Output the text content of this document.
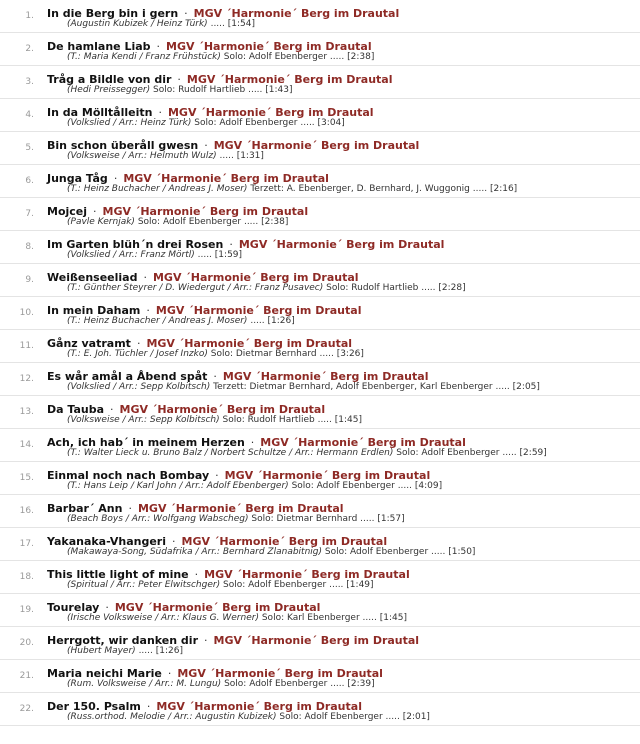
1. In die Berg bin i gern · MGV ´Harmonie´ Berg im Drautal
(Augustin Kubizek / Heinz Türk) ..... [1:54]
2. De hamlane Liab · MGV ´Harmonie´ Berg im Drautal
(T.: Maria Kendi / Franz Frühstück) Solo: Adolf Ebenberger ..... [2:38]
3. Tråg a Bildle von dir · MGV ´Harmonie´ Berg im Drautal
(Hedi Preissegger) Solo: Rudolf Hartlieb ..... [1:43]
4. In da Mölltålleitn · MGV ´Harmonie´ Berg im Drautal
(Volkslied / Arr.: Heinz Türk) Solo: Adolf Ebenberger ..... [3:04]
5. Bin schon überåll gwesn · MGV ´Harmonie´ Berg im Drautal
(Volksweise / Arr.: Helmuth Wulz) ..... [1:31]
6. Junga Tåg · MGV ´Harmonie´ Berg im Drautal
(T.: Heinz Buchacher / Andreas J. Moser) Terzett: A. Ebenberger, D. Bernhard, J. Wuggonig ..... [2:16]
7. Mojcej · MGV ´Harmonie´ Berg im Drautal
(Pavle Kernjak) Solo: Adolf Ebenberger ..... [2:38]
8. Im Garten blüh´n drei Rosen · MGV ´Harmonie´ Berg im Drautal
(Volkslied / Arr.: Franz Mörtl) ..... [1:59]
9. Weißenseeliad · MGV ´Harmonie´ Berg im Drautal
(T.: Günther Steyrer / D. Wiedergut / Arr.: Franz Pusavec) Solo: Rudolf Hartlieb ..... [2:28]
10. In mein Daham · MGV ´Harmonie´ Berg im Drautal
(T.: Heinz Buchacher / Andreas J. Moser) ..... [1:26]
11. Gånz vatramt · MGV ´Harmonie´ Berg im Drautal
(T.: E. Joh. Tüchler / Josef Inzko) Solo: Dietmar Bernhard ..... [3:26]
12. Es wår amål a Åbend spåt · MGV ´Harmonie´ Berg im Drautal
(Volkslied / Arr.: Sepp Kolbitsch) Terzett: Dietmar Bernhard, Adolf Ebenberger, Karl Ebenberger ..... [2:05]
13. Da Tauba · MGV ´Harmonie´ Berg im Drautal
(Volksweise / Arr.: Sepp Kolbitsch) Solo: Rudolf Hartlieb ..... [1:45]
14. Ach, ich hab´ in meinem Herzen · MGV ´Harmonie´ Berg im Drautal
(T.: Walter Lieck u. Bruno Balz / Norbert Schultze / Arr.: Hermann Erdlen) Solo: Adolf Ebenberger ..... [2:59]
15. Einmal noch nach Bombay · MGV ´Harmonie´ Berg im Drautal
(T.: Hans Leip / Karl John / Arr.: Adolf Ebenberger) Solo: Adolf Ebenberger ..... [4:09]
16. Barbar´ Ann · MGV ´Harmonie´ Berg im Drautal
(Beach Boys / Arr.: Wolfgang Wabscheg) Solo: Dietmar Bernhard ..... [1:57]
17. Yakanaka-Vhangeri · MGV ´Harmonie´ Berg im Drautal
(Makawaya-Song, Südafrika / Arr.: Bernhard Zlanabitnig) Solo: Adolf Ebenberger ..... [1:50]
18. This little light of mine · MGV ´Harmonie´ Berg im Drautal
(Spiritual / Arr.: Peter Elwitschger) Solo: Adolf Ebenberger ..... [1:49]
19. Tourelay · MGV ´Harmonie´ Berg im Drautal
(Irische Volksweise / Arr.: Klaus G. Werner) Solo: Karl Ebenberger ..... [1:45]
20. Herrgott, wir danken dir · MGV ´Harmonie´ Berg im Drautal
(Hubert Mayer) ..... [1:26]
21. Maria neichi Marie · MGV ´Harmonie´ Berg im Drautal
(Rum. Volksweise / Arr.: M. Lungu) Solo: Adolf Ebenberger ..... [2:39]
22. Der 150. Psalm · MGV ´Harmonie´ Berg im Drautal
(Russ.orthod. Melodie / Arr.: Augustin Kubizek) Solo: Adolf Ebenberger ..... [2:01]
